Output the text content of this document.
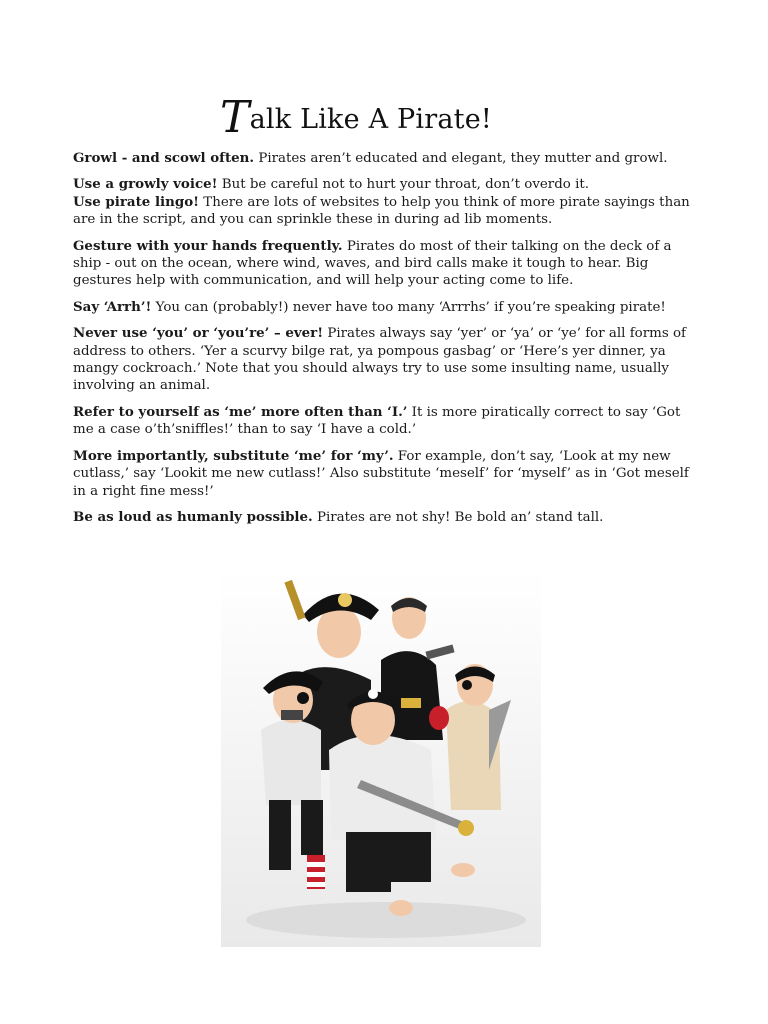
Talk Like A Pirate!

Growl - and scowl often. Pirates aren’t educated and elegant, they mutter and growl.

Use a growly voice! But be careful not to hurt your throat, don’t overdo it.

Use pirate lingo! There are lots of websites to help you think of more pirate sayings than are in the script, and you can sprinkle these in during ad lib moments.

Gesture with your hands frequently. Pirates do most of their talking on the deck of a ship - out on the ocean, where wind, waves, and bird calls make it tough to hear. Big gestures help with communication, and will help your acting come to life.

Say ‘Arrh’! You can (probably!) never have too many ‘Arrrhs’ if you’re speaking pirate!

Never use ‘you’ or ‘you’re’ – ever! Pirates always say ‘yer’ or ‘ya’ or ‘ye’ for all forms of address to others. ‘Yer a scurvy bilge rat, ya pompous gasbag’ or ‘Here’s yer dinner, ya mangy cockroach.’ Note that you should always try to use some insulting name, usually involving an animal.

Refer to yourself as ‘me’ more often than ‘I.’ It is more piratically correct to say ‘Got me a case o’th’sniffles!’ than to say ‘I have a cold.’

More importantly, substitute ‘me’ for ‘my’. For example, don’t say, ‘Look at my new cutlass,’ say ‘Lookit me new cutlass!’ Also substitute ‘meself’ for ‘myself’ as in ‘Got meself in a right fine mess!’

Be as loud as humanly possible. Pirates are not shy! Be bold an’ stand tall.
